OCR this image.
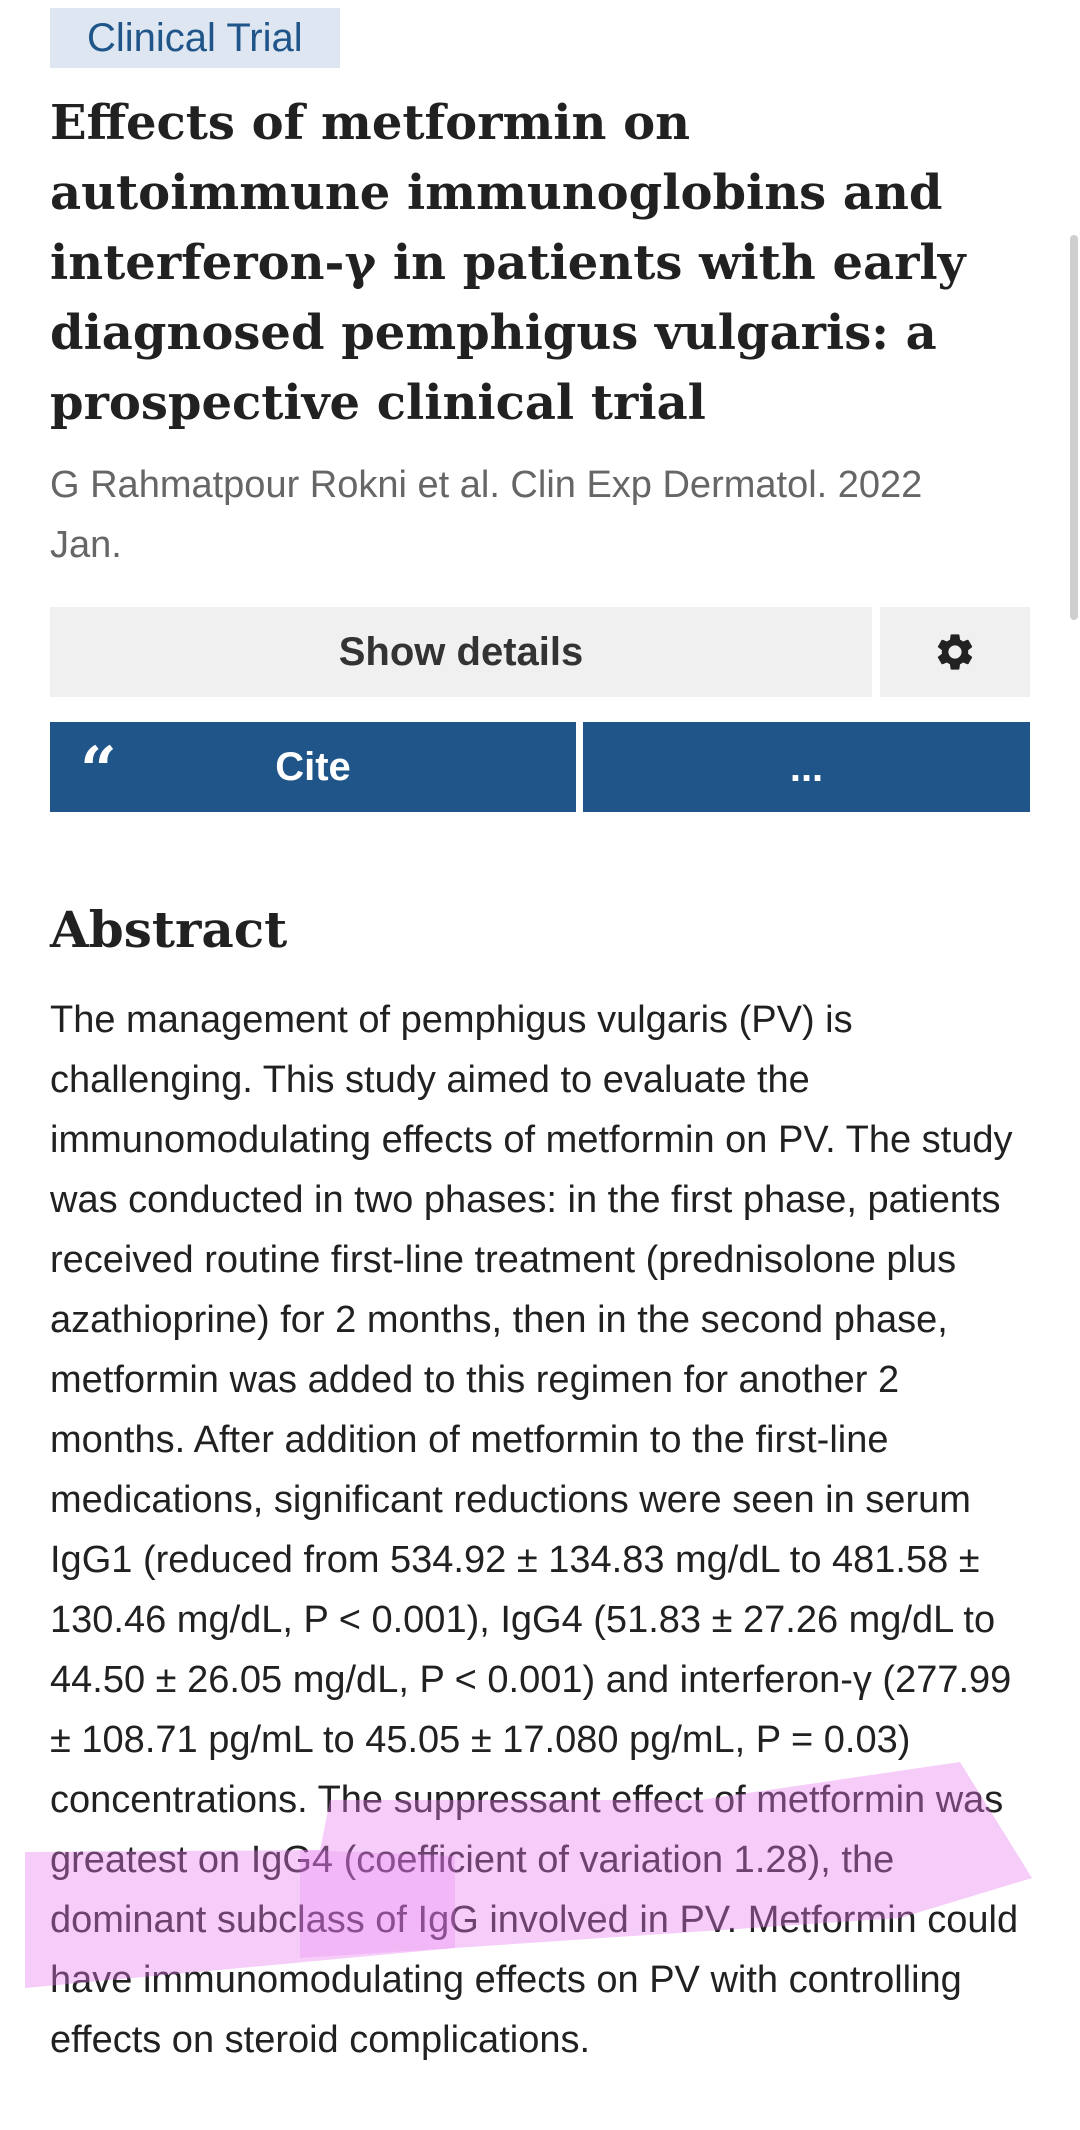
Clinical Trial
Effects of metformin on autoimmune immunoglobins and interferon-γ in patients with early diagnosed pemphigus vulgaris: a prospective clinical trial

G Rahmatpour Rokni et al. Clin Exp Dermatol. 2022 Jan.

Show details
“	Cite	...
Abstract

The management of pemphigus vulgaris (PV) is challenging. This study aimed to evaluate the immunomodulating effects of metformin on PV. The study was conducted in two phases: in the first phase, patients received routine first-line treatment (prednisolone plus azathioprine) for 2 months, then in the second phase, metformin was added to this regimen for another 2 months. After addition of metformin to the first-line medications, significant reductions were seen in serum IgG1 (reduced from 534.92 ± 134.83 mg/dL to 481.58 ± 130.46 mg/dL, P < 0.001), IgG4 (51.83 ± 27.26 mg/dL to 44.50 ± 26.05 mg/dL, P < 0.001) and interferon-γ (277.99 ± 108.71 pg/mL to 45.05 ± 17.080 pg/mL, P = 0.03) concentrations. The suppressant effect of metformin was greatest on IgG4 (coefficient of variation 1.28), the dominant subclass of IgG involved in PV. Metformin could have immunomodulating effects on PV with controlling effects on steroid complications.
